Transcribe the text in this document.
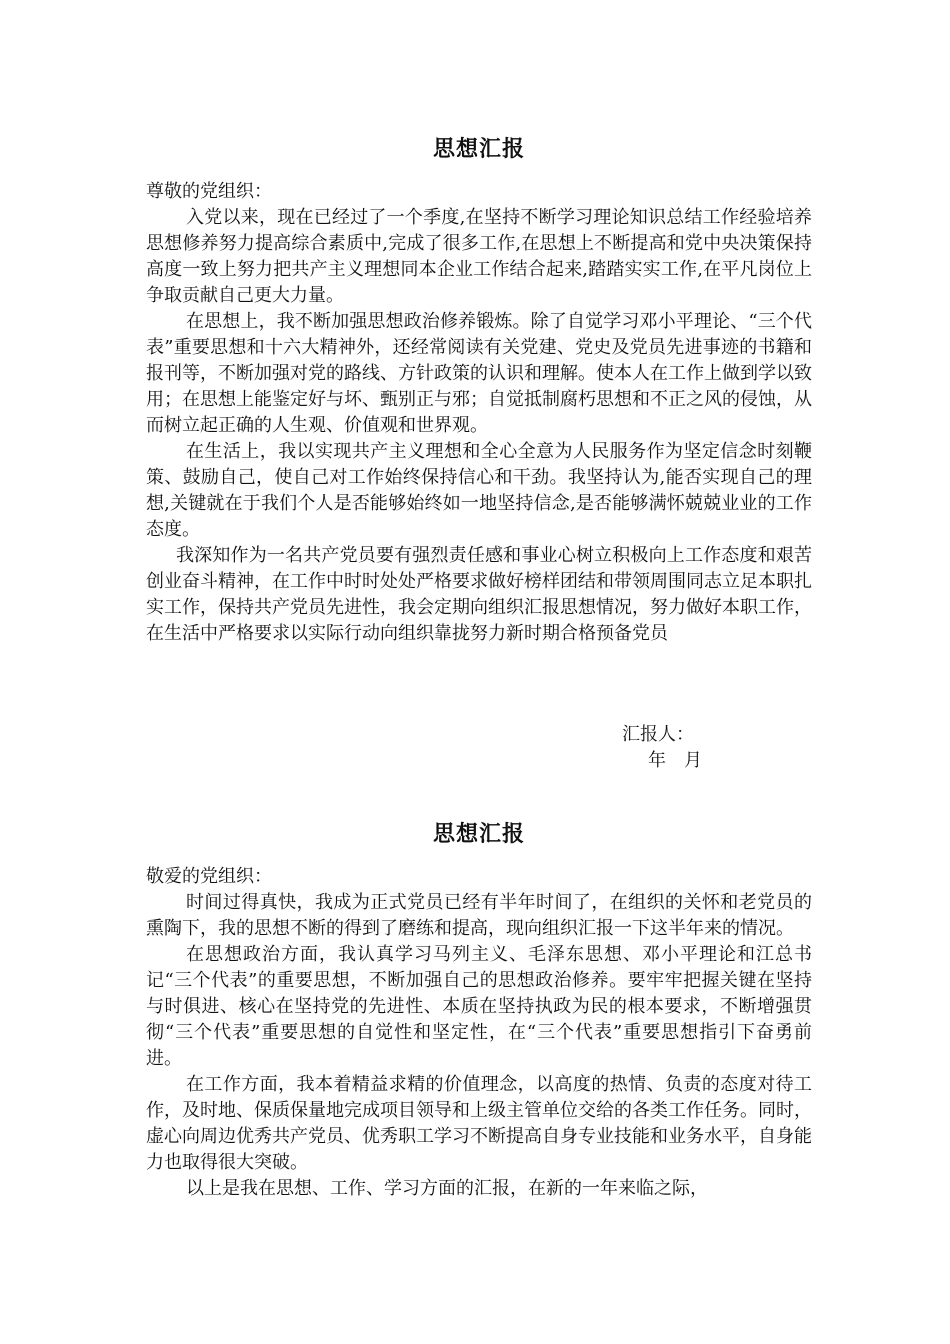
思想汇报

尊敬的党组织：

入党以来，现在已经过了一个季度,在坚持不断学习理论知识总结工作经验培养思想修养努力提高综合素质中,完成了很多工作,在思想上不断提高和党中央决策保持高度一致上努力把共产主义理想同本企业工作结合起来,踏踏实实工作,在平凡岗位上争取贡献自己更大力量。

在思想上，我不断加强思想政治修养锻炼。除了自觉学习邓小平理论、“三个代表”重要思想和十六大精神外，还经常阅读有关党建、党史及党员先进事迹的书籍和报刊等，不断加强对党的路线、方针政策的认识和理解。使本人在工作上做到学以致用；在思想上能鉴定好与坏、甄别正与邪；自觉抵制腐朽思想和不正之风的侵蚀，从而树立起正确的人生观、价值观和世界观。

在生活上，我以实现共产主义理想和全心全意为人民服务作为坚定信念时刻鞭策、鼓励自己，使自己对工作始终保持信心和干劲。我坚持认为,能否实现自己的理想,关键就在于我们个人是否能够始终如一地坚持信念,是否能够满怀兢兢业业的工作态度。

我深知作为一名共产党员要有强烈责任感和事业心树立积极向上工作态度和艰苦创业奋斗精神，在工作中时时处处严格要求做好榜样团结和带领周围同志立足本职扎实工作，保持共产党员先进性，我会定期向组织汇报思想情况，努力做好本职工作，在生活中严格要求以实际行动向组织靠拢努力新时期合格预备党员

汇报人：
年　月
思想汇报

敬爱的党组织：

时间过得真快，我成为正式党员已经有半年时间了，在组织的关怀和老党员的熏陶下，我的思想不断的得到了磨练和提高，现向组织汇报一下这半年来的情况。

在思想政治方面，我认真学习马列主义、毛泽东思想、邓小平理论和江总书记“三个代表”的重要思想，不断加强自己的思想政治修养。要牢牢把握关键在坚持与时俱进、核心在坚持党的先进性、本质在坚持执政为民的根本要求，不断增强贯彻“三个代表”重要思想的自觉性和坚定性，在“三个代表”重要思想指引下奋勇前进。

在工作方面，我本着精益求精的价值理念，以高度的热情、负责的态度对待工作，及时地、保质保量地完成项目领导和上级主管单位交给的各类工作任务。同时，虚心向周边优秀共产党员、优秀职工学习不断提高自身专业技能和业务水平，自身能力也取得很大突破。

以上是我在思想、工作、学习方面的汇报，在新的一年来临之际，
